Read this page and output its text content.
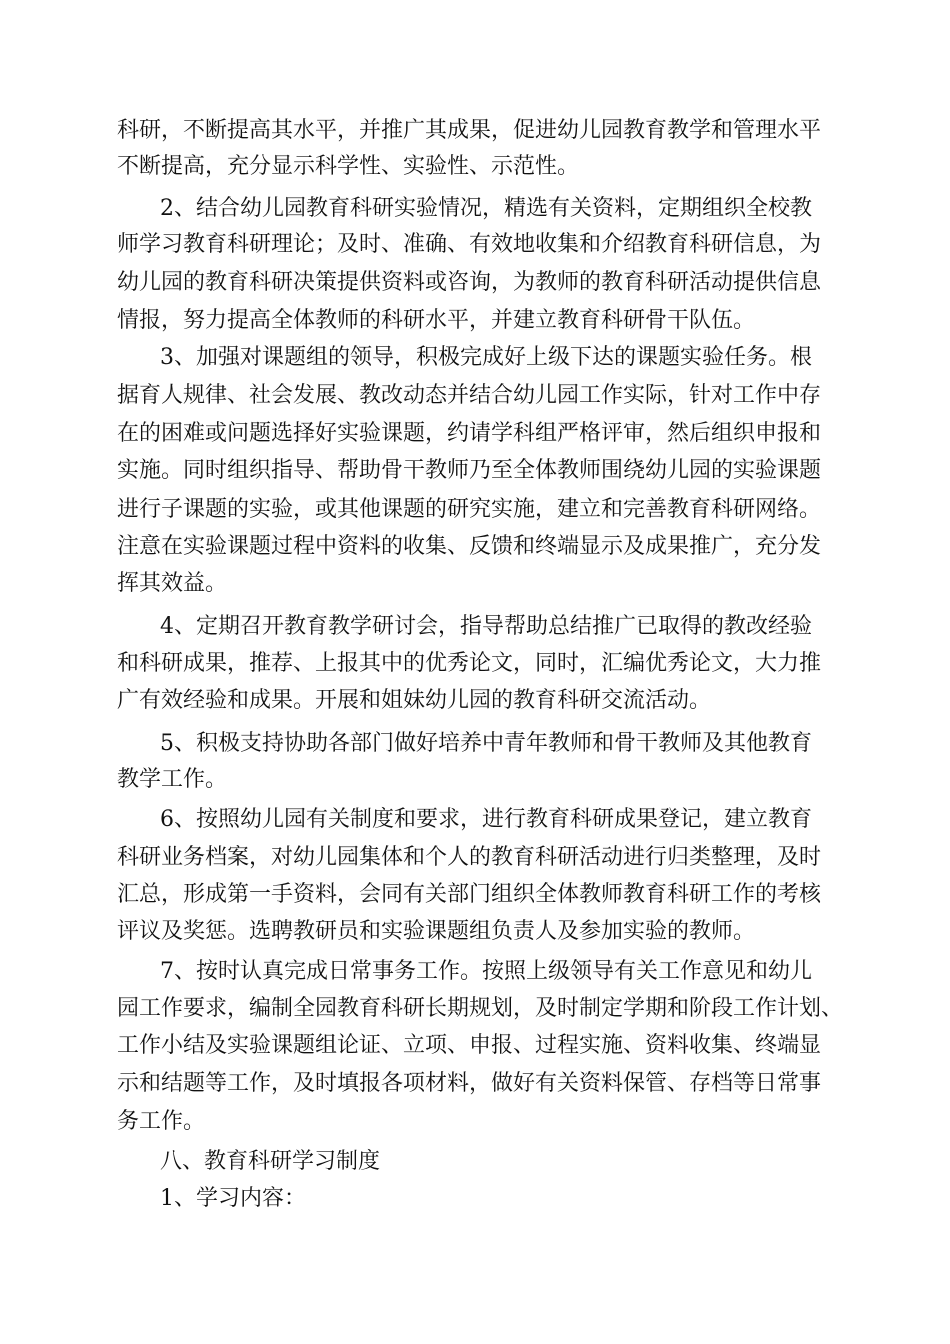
科研，不断提高其水平，并推广其成果，促进幼儿园教育教学和管理水平
不断提高，充分显示科学性、实验性、示范性。
2、结合幼儿园教育科研实验情况，精选有关资料，定期组织全校教
师学习教育科研理论；及时、准确、有效地收集和介绍教育科研信息，为
幼儿园的教育科研决策提供资料或咨询，为教师的教育科研活动提供信息
情报，努力提高全体教师的科研水平，并建立教育科研骨干队伍。
3、加强对课题组的领导，积极完成好上级下达的课题实验任务。根
据育人规律、社会发展、教改动态并结合幼儿园工作实际，针对工作中存
在的困难或问题选择好实验课题，约请学科组严格评审，然后组织申报和
实施。同时组织指导、帮助骨干教师乃至全体教师围绕幼儿园的实验课题
进行子课题的实验，或其他课题的研究实施，建立和完善教育科研网络。
注意在实验课题过程中资料的收集、反馈和终端显示及成果推广，充分发
挥其效益。
4、定期召开教育教学研讨会，指导帮助总结推广已取得的教改经验
和科研成果，推荐、上报其中的优秀论文，同时，汇编优秀论文，大力推
广有效经验和成果。开展和姐妹幼儿园的教育科研交流活动。
5、积极支持协助各部门做好培养中青年教师和骨干教师及其他教育
教学工作。
6、按照幼儿园有关制度和要求，进行教育科研成果登记，建立教育
科研业务档案，对幼儿园集体和个人的教育科研活动进行归类整理，及时
汇总，形成第一手资料，会同有关部门组织全体教师教育科研工作的考核
评议及奖惩。选聘教研员和实验课题组负责人及参加实验的教师。
7、按时认真完成日常事务工作。按照上级领导有关工作意见和幼儿
园工作要求，编制全园教育科研长期规划，及时制定学期和阶段工作计划、
工作小结及实验课题组论证、立项、申报、过程实施、资料收集、终端显
示和结题等工作，及时填报各项材料，做好有关资料保管、存档等日常事
务工作。
八、教育科研学习制度
1、学习内容：
